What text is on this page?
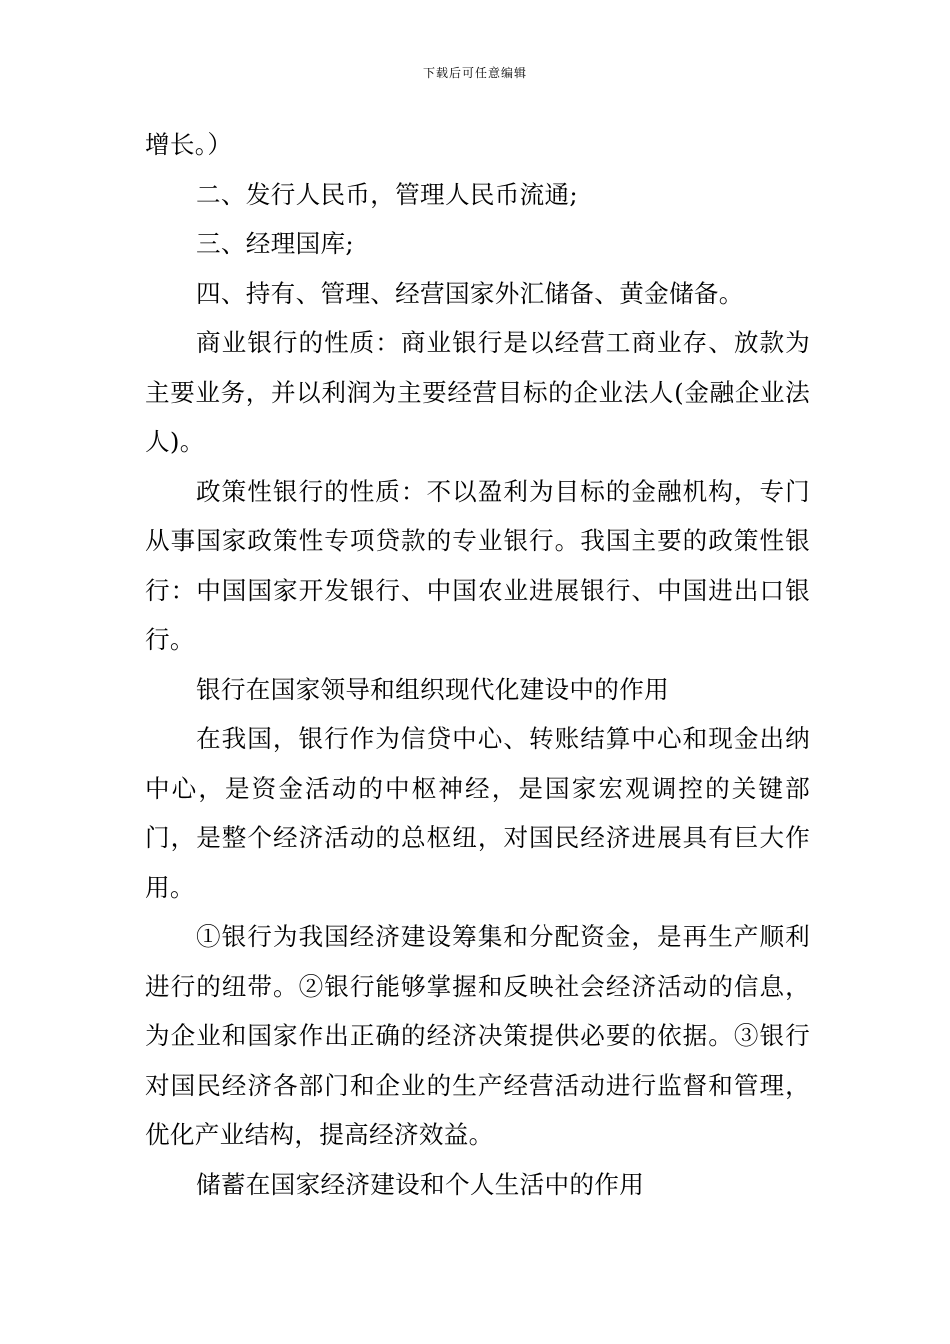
下载后可任意编辑

增长。）

二、发行人民币，管理人民币流通;

三、经理国库;

四、持有、管理、经营国家外汇储备、黄金储备。

商业银行的性质：商业银行是以经营工商业存、放款为主要业务，并以利润为主要经营目标的企业法人(金融企业法人)。

政策性银行的性质：不以盈利为目标的金融机构，专门从事国家政策性专项贷款的专业银行。我国主要的政策性银行：中国国家开发银行、中国农业进展银行、中国进出口银行。

银行在国家领导和组织现代化建设中的作用

在我国，银行作为信贷中心、转账结算中心和现金出纳中心，是资金活动的中枢神经，是国家宏观调控的关键部门，是整个经济活动的总枢纽，对国民经济进展具有巨大作用。

①银行为我国经济建设筹集和分配资金，是再生产顺利进行的纽带。②银行能够掌握和反映社会经济活动的信息，为企业和国家作出正确的经济决策提供必要的依据。③银行对国民经济各部门和企业的生产经营活动进行监督和管理，优化产业结构，提高经济效益。

储蓄在国家经济建设和个人生活中的作用
